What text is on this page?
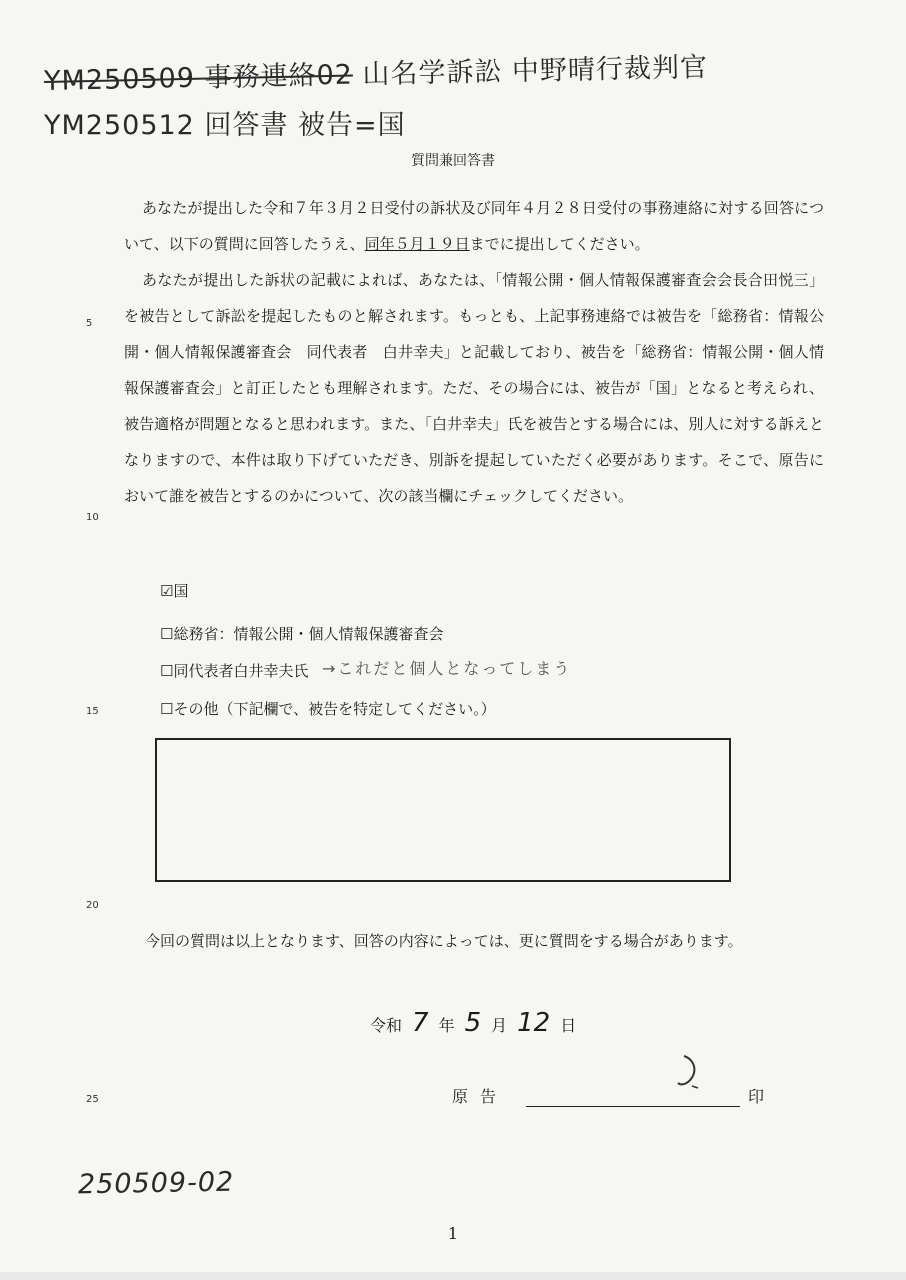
YM250509 事務連絡02 山名学訴訟 中野晴行裁判官
YM250512 回答書 被告=国
質問兼回答書
あなたが提出した令和７年３月２日受付の訴状及び同年４月２８日受付の事務連絡に対する回答について、以下の質問に回答したうえ、同年５月１９日までに提出してください。
あなたが提出した訴状の記載によれば、あなたは、「情報公開・個人情報保護審査会会長合田悦三」を被告として訴訟を提起したものと解されます。もっとも、上記事務連絡では被告を「総務省：情報公開・個人情報保護審査会　同代表者　白井幸夫」と記載しており、被告を「総務省：情報公開・個人情報保護審査会」と訂正したとも理解されます。ただ、その場合には、被告が「国」となると考えられ、被告適格が問題となると思われます。また、「白井幸夫」氏を被告とする場合には、別人に対する訴えとなりますので、本件は取り下げていただき、別訴を提起していただく必要があります。そこで、原告において誰を被告とするのかについて、次の該当欄にチェックしてください。
5
10
15
20
25
☑国
☐総務省：情報公開・個人情報保護審査会
☐同代表者白井幸夫氏 →これだと個人となってしまう
☐その他（下記欄で、被告を特定してください。）
今回の質問は以上となります、回答の内容によっては、更に質問をする場合があります。
令和 7 年 5 月 12 日
原告	印
250509-02
1
